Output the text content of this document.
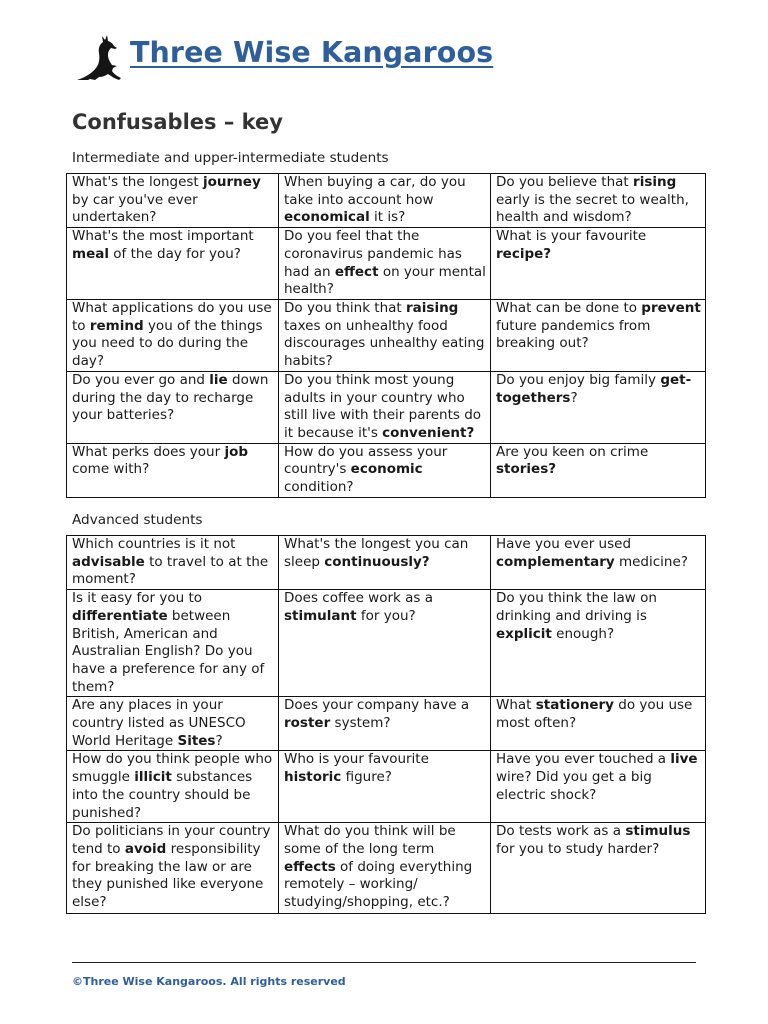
Three Wise Kangaroos
Confusables – key
Intermediate and upper-intermediate students
What's the longest journey by car you've ever undertaken?	When buying a car, do you take into account how economical it is?	Do you believe that rising early is the secret to wealth, health and wisdom?
What's the most important meal of the day for you?	Do you feel that the coronavirus pandemic has had an effect on your mental health?	What is your favourite recipe?
What applications do you use to remind you of the things you need to do during the day?	Do you think that raising taxes on unhealthy food discourages unhealthy eating habits?	What can be done to prevent future pandemics from breaking out?
Do you ever go and lie down during the day to recharge your batteries?	Do you think most young adults in your country who still live with their parents do it because it's convenient?	Do you enjoy big family get-togethers?
What perks does your job come with?	How do you assess your country's economic condition?	Are you keen on crime stories?
Advanced students
Which countries is it not advisable to travel to at the moment?	What's the longest you can sleep continuously?	Have you ever used complementary medicine?
Is it easy for you to differentiate between British, American and Australian English? Do you have a preference for any of them?	Does coffee work as a stimulant for you?	Do you think the law on drinking and driving is explicit enough?
Are any places in your country listed as UNESCO World Heritage Sites?	Does your company have a roster system?	What stationery do you use most often?
How do you think people who smuggle illicit substances into the country should be punished?	Who is your favourite historic figure?	Have you ever touched a live wire? Did you get a big electric shock?
Do politicians in your country tend to avoid responsibility for breaking the law or are they punished like everyone else?	What do you think will be some of the long term effects of doing everything remotely – working/ studying/shopping, etc.?	Do tests work as a stimulus for you to study harder?
©Three Wise Kangaroos. All rights reserved
